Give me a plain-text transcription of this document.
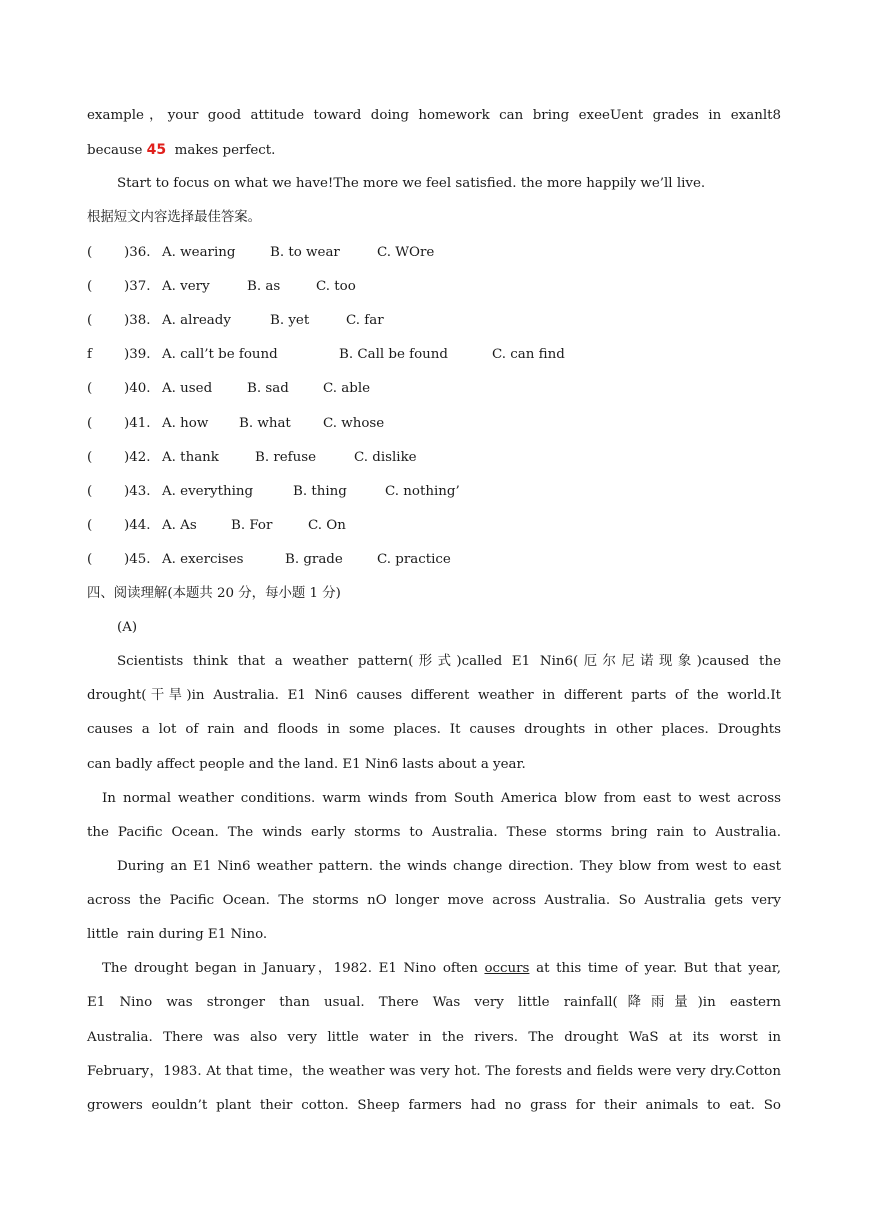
example，your good attitude toward doing homework can bring exeeUent grades in exanlt8
because 45  makes perfect.
Start to focus on what we have!The more we feel satisfied. the more happily we’ll live.
根据短文内容选择最佳答案。
( )36. A. wearing	B. to wear	C. WOre
( )37. A. very	B. as	C. too
( )38. A. already	B. yet	C. far
f )39. A. call’t be found	B. Call be found	C. can find
( )40. A. used	B. sad	C. able
( )41. A. how B. what C. whose
( )42. A. thank	B. refuse	C. dislike
( )43. A. everything	B. thing	C. nothing’
( )44. A. As	B. For	C. On
( )45. A. exercises	B. grade	C. practice
四、阅读理解(本题共 20 分，每小题 1 分)
(A)
Scientists think that a weather pattern(形式)called E1 Nin6(厄尔尼诺现象)caused the
drought(干旱)in Australia. E1 Nin6 causes different weather in different parts of the world.It
causes a lot of rain and floods in some places. It causes droughts in other places. Droughts
can badly affect people and the land. E1 Nin6 lasts about a year.
In normal weather conditions. warm winds from South America blow from east to west across
the Pacific Ocean. The winds early storms to Australia. These storms bring rain to Australia.
During an E1 Nin6 weather pattern. the winds change direction. They blow from west to east
across the Pacific Ocean. The storms nO longer move across Australia. So Australia gets very
little  rain during E1 Nino.
The drought began in January，1982. E1 Nino often occurs at this time of year. But that year,
E1 Nino was stronger than usual. There Was very little rainfall(降雨量)in eastern
Australia. There was also very little water in the rivers. The drought WaS at its worst in
February，1983. At that time，the weather was very hot. The forests and fields were very dry.Cotton
growers eouldn’t plant their cotton. Sheep farmers had no grass for their animals to eat. So
